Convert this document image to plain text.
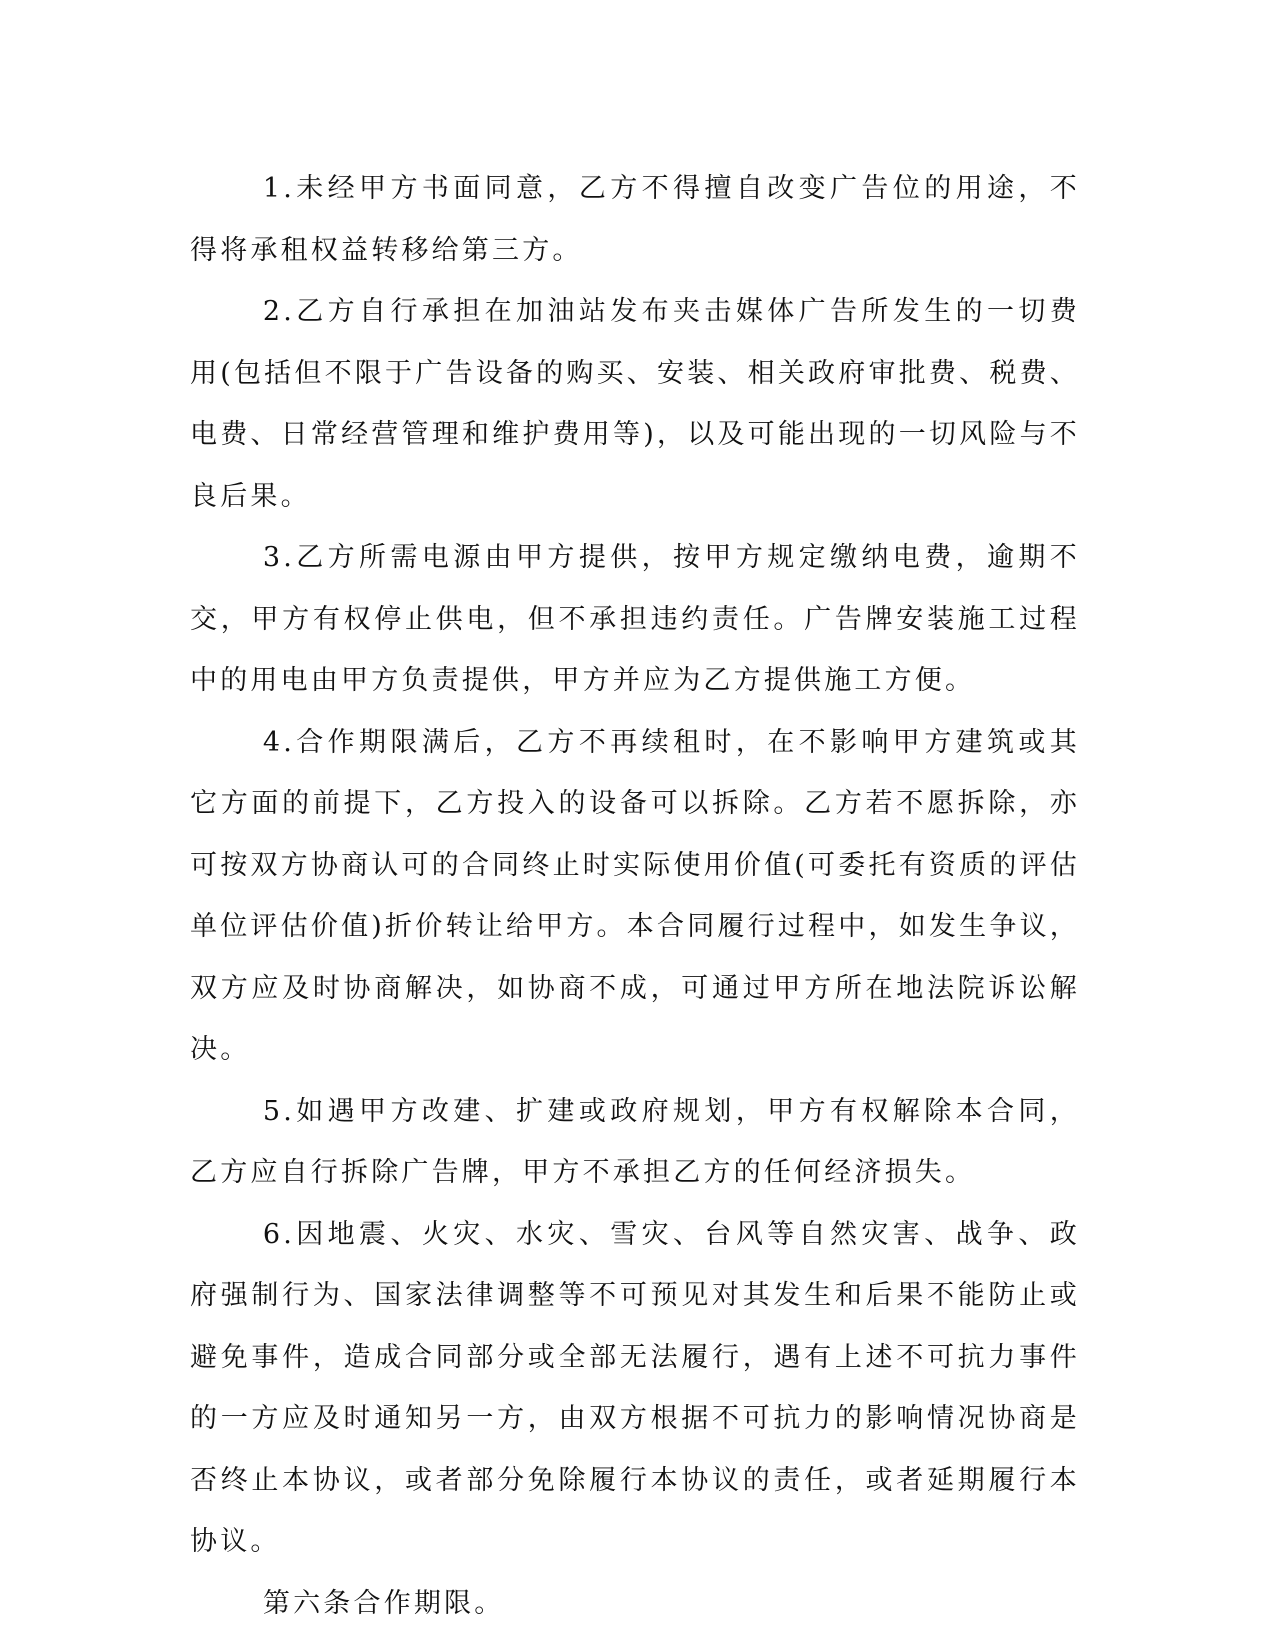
1.未经甲方书面同意，乙方不得擅自改变广告位的用途，不得将承租权益转移给第三方。

2.乙方自行承担在加油站发布夹击媒体广告所发生的一切费用(包括但不限于广告设备的购买、安装、相关政府审批费、税费、电费、日常经营管理和维护费用等)，以及可能出现的一切风险与不良后果。

3.乙方所需电源由甲方提供，按甲方规定缴纳电费，逾期不交，甲方有权停止供电，但不承担违约责任。广告牌安装施工过程中的用电由甲方负责提供，甲方并应为乙方提供施工方便。

4.合作期限满后，乙方不再续租时，在不影响甲方建筑或其它方面的前提下，乙方投入的设备可以拆除。乙方若不愿拆除，亦可按双方协商认可的合同终止时实际使用价值(可委托有资质的评估单位评估价值)折价转让给甲方。本合同履行过程中，如发生争议，双方应及时协商解决，如协商不成，可通过甲方所在地法院诉讼解决。

5.如遇甲方改建、扩建或政府规划，甲方有权解除本合同，乙方应自行拆除广告牌，甲方不承担乙方的任何经济损失。

6.因地震、火灾、水灾、雪灾、台风等自然灾害、战争、政府强制行为、国家法律调整等不可预见对其发生和后果不能防止或避免事件，造成合同部分或全部无法履行，遇有上述不可抗力事件的一方应及时通知另一方，由双方根据不可抗力的影响情况协商是否终止本协议，或者部分免除履行本协议的责任，或者延期履行本协议。

第六条合作期限。
